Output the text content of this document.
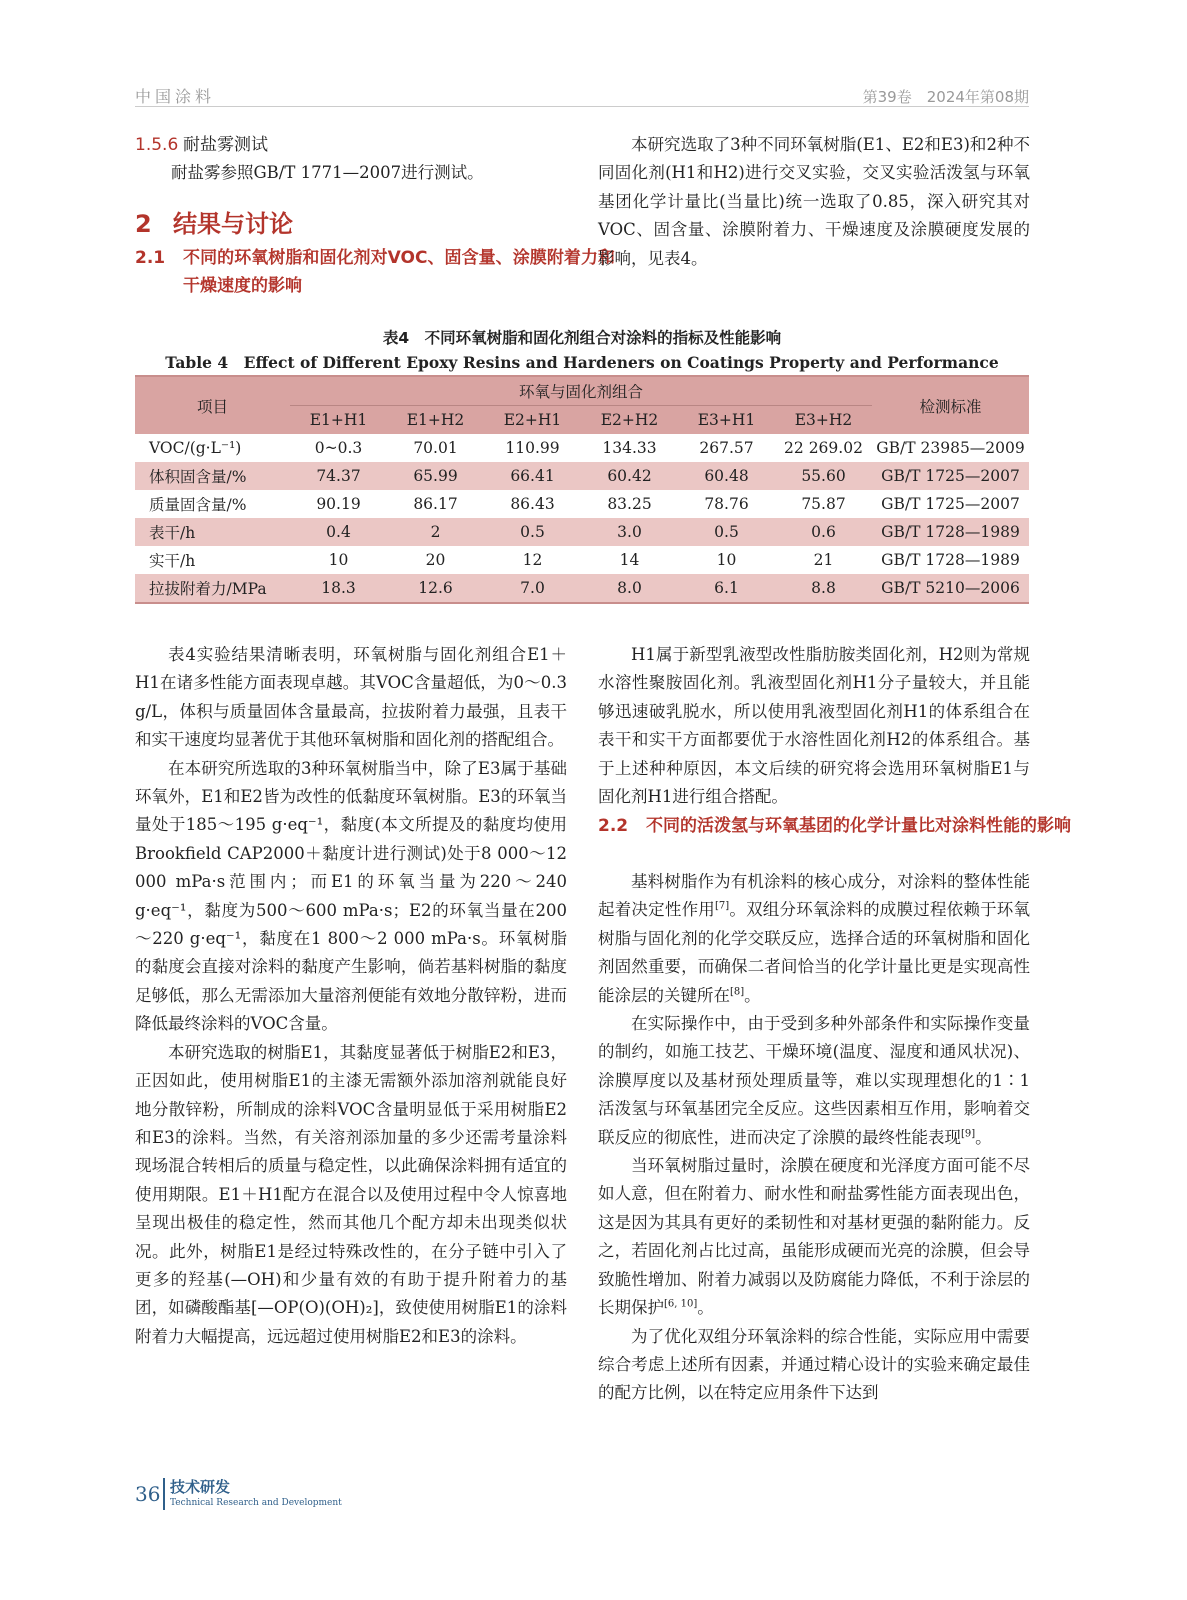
中国涂料	第39卷　2024年第08期
1.5.6 耐盐雾测试

耐盐雾参照GB/T 1771—2007进行测试。

2 结果与讨论
2.1 不同的环氧树脂和固化剂对VOC、固含量、涂膜附着力和干燥速度的影响

本研究选取了3种不同环氧树脂(E1、E2和E3)和2种不同固化剂(H1和H2)进行交叉实验，交叉实验活泼氢与环氧基团化学计量比(当量比)统一选取了0.85，深入研究其对VOC、固含量、涂膜附着力、干燥速度及涂膜硬度发展的影响，见表4。

表4　不同环氧树脂和固化剂组合对涂料的指标及性能影响
Table 4　Effect of Different Epoxy Resins and Hardeners on Coatings Property and Performance
项目	环氧与固化剂组合						检测标准
	E1+H1	E1+H2	E2+H1	E2+H2	E3+H1	E3+H2	
VOC/(g·L⁻¹)	0~0.3	70.01	110.99	134.33	267.57	22 269.02	GB/T 23985—2009
体积固含量/%	74.37	65.99	66.41	60.42	60.48	55.60	GB/T 1725—2007
质量固含量/%	90.19	86.17	86.43	83.25	78.76	75.87	GB/T 1725—2007
表干/h	0.4	2	0.5	3.0	0.5	0.6	GB/T 1728—1989
实干/h	10	20	12	14	10	21	GB/T 1728—1989
拉拔附着力/MPa	18.3	12.6	7.0	8.0	6.1	8.8	GB/T 5210—2006

表4实验结果清晰表明，环氧树脂与固化剂组合E1＋H1在诸多性能方面表现卓越。其VOC含量超低，为0～0.3 g/L，体积与质量固体含量最高，拉拔附着力最强，且表干和实干速度均显著优于其他环氧树脂和固化剂的搭配组合。

在本研究所选取的3种环氧树脂当中，除了E3属于基础环氧外，E1和E2皆为改性的低黏度环氧树脂。E3的环氧当量处于185～195 g·eq⁻¹，黏度(本文所提及的黏度均使用Brookfield CAP2000＋黏度计进行测试)处于8 000～12 000 mPa·s范围内；而E1的环氧当量为220～240 g·eq⁻¹，黏度为500～600 mPa·s；E2的环氧当量在200～220 g·eq⁻¹，黏度在1 800～2 000 mPa·s。环氧树脂的黏度会直接对涂料的黏度产生影响，倘若基料树脂的黏度足够低，那么无需添加大量溶剂便能有效地分散锌粉，进而降低最终涂料的VOC含量。

本研究选取的树脂E1，其黏度显著低于树脂E2和E3，正因如此，使用树脂E1的主漆无需额外添加溶剂就能良好地分散锌粉，所制成的涂料VOC含量明显低于采用树脂E2和E3的涂料。当然，有关溶剂添加量的多少还需考量涂料现场混合转相后的质量与稳定性，以此确保涂料拥有适宜的使用期限。E1＋H1配方在混合以及使用过程中令人惊喜地呈现出极佳的稳定性，然而其他几个配方却未出现类似状况。此外，树脂E1是经过特殊改性的，在分子链中引入了更多的羟基(—OH)和少量有效的有助于提升附着力的基团，如磷酸酯基[—OP(O)(OH)₂]，致使使用树脂E1的涂料附着力大幅提高，远远超过使用树脂E2和E3的涂料。

H1属于新型乳液型改性脂肪胺类固化剂，H2则为常规水溶性聚胺固化剂。乳液型固化剂H1分子量较大，并且能够迅速破乳脱水，所以使用乳液型固化剂H1的体系组合在表干和实干方面都要优于水溶性固化剂H2的体系组合。基于上述种种原因，本文后续的研究将会选用环氧树脂E1与固化剂H1进行组合搭配。

2.2 不同的活泼氢与环氧基团的化学计量比对涂料性能的影响

基料树脂作为有机涂料的核心成分，对涂料的整体性能起着决定性作用[7]。双组分环氧涂料的成膜过程依赖于环氧树脂与固化剂的化学交联反应，选择合适的环氧树脂和固化剂固然重要，而确保二者间恰当的化学计量比更是实现高性能涂层的关键所在[8]。

在实际操作中，由于受到多种外部条件和实际操作变量的制约，如施工技艺、干燥环境(温度、湿度和通风状况)、涂膜厚度以及基材预处理质量等，难以实现理想化的1∶1活泼氢与环氧基团完全反应。这些因素相互作用，影响着交联反应的彻底性，进而决定了涂膜的最终性能表现[9]。

当环氧树脂过量时，涂膜在硬度和光泽度方面可能不尽如人意，但在附着力、耐水性和耐盐雾性能方面表现出色，这是因为其具有更好的柔韧性和对基材更强的黏附能力。反之，若固化剂占比过高，虽能形成硬而光亮的涂膜，但会导致脆性增加、附着力减弱以及防腐能力降低，不利于涂层的长期保护[6, 10]。

为了优化双组分环氧涂料的综合性能，实际应用中需要综合考虑上述所有因素，并通过精心设计的实验来确定最佳的配方比例，以在特定应用条件下达到

36 技术研发
Technical Research and Development
